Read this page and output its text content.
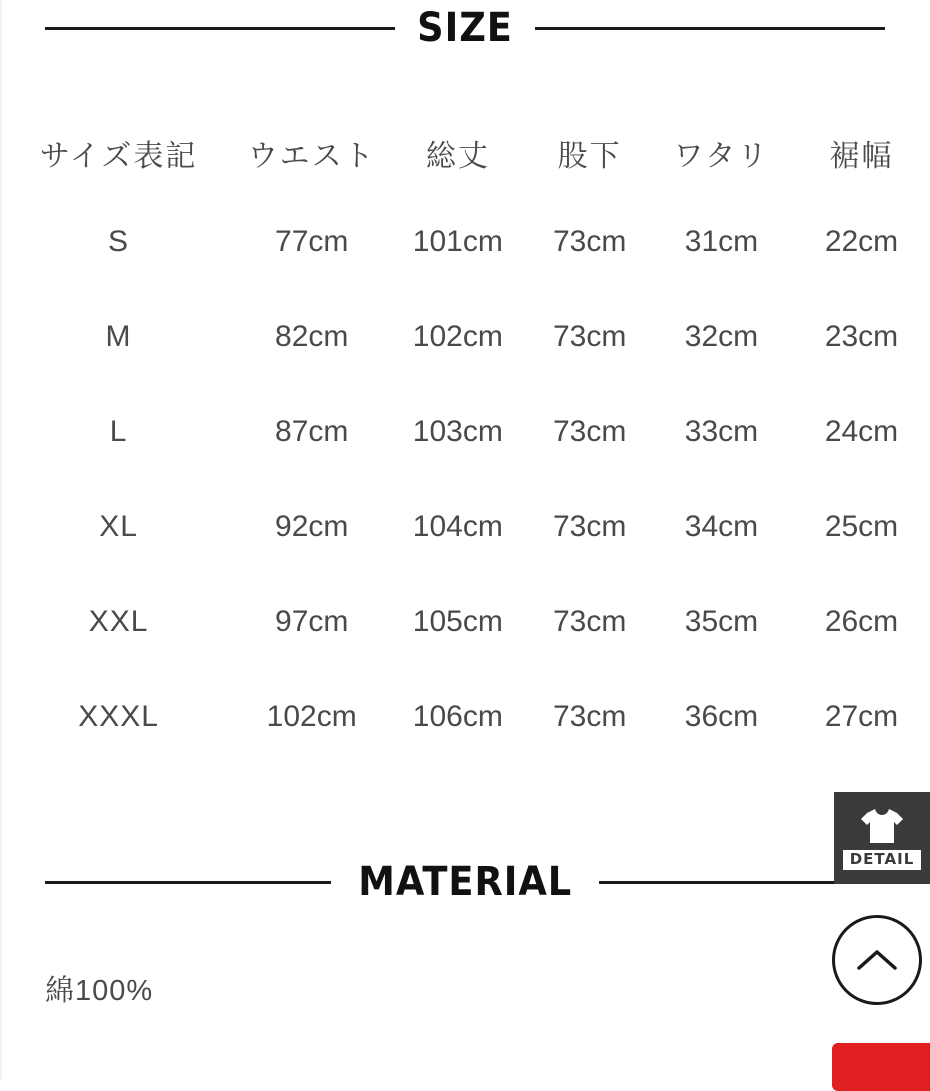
SIZE
サイズ表記	ウエスト	総丈	股下	ワタリ	裾幅
S	77cm	101cm	73cm	31cm	22cm
M	82cm	102cm	73cm	32cm	23cm
L	87cm	103cm	73cm	33cm	24cm
XL	92cm	104cm	73cm	34cm	25cm
XXL	97cm	105cm	73cm	35cm	26cm
XXXL	102cm	106cm	73cm	36cm	27cm
MATERIAL
綿100%
DETAIL
